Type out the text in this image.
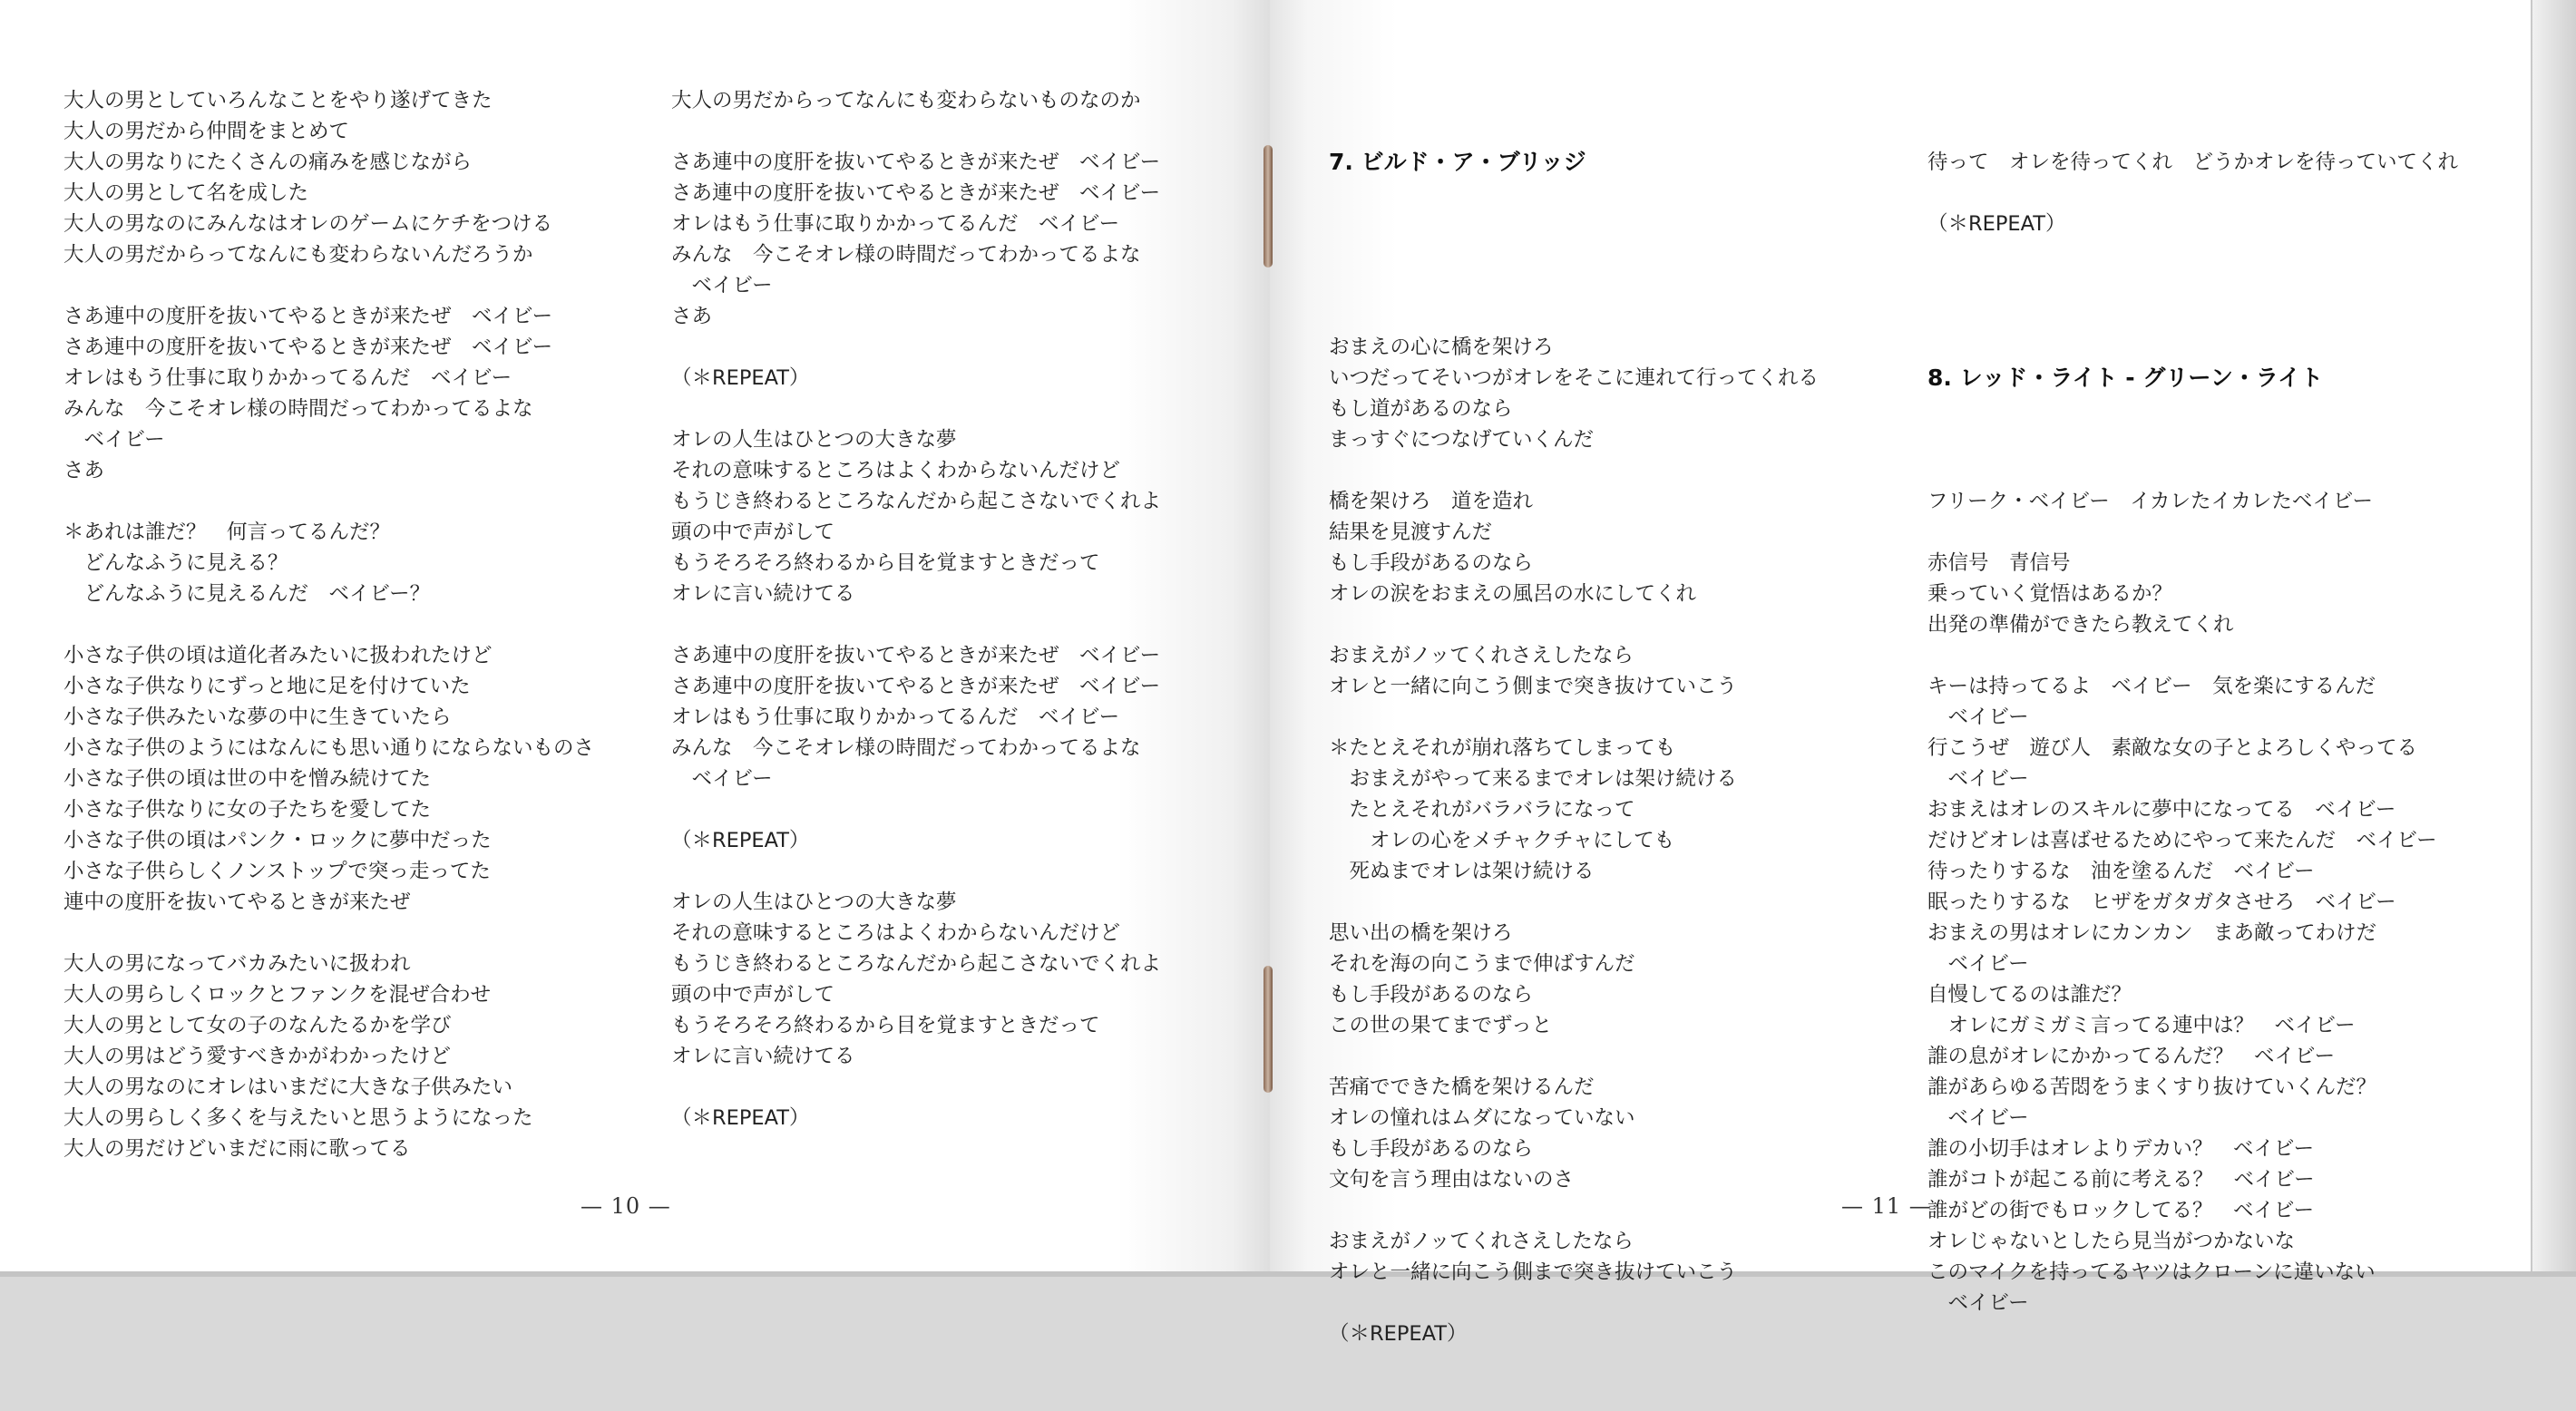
大人の男としていろんなことをやり遂げてきた
大人の男だから仲間をまとめて
大人の男なりにたくさんの痛みを感じながら
大人の男として名を成した
大人の男なのにみんなはオレのゲームにケチをつける
大人の男だからってなんにも変わらないんだろうか
さあ連中の度肝を抜いてやるときが来たぜ　ベイビー
さあ連中の度肝を抜いてやるときが来たぜ　ベイビー
オレはもう仕事に取りかかってるんだ　ベイビー
みんな　今こそオレ様の時間だってわかってるよな
　ベイビー
さあ
＊あれは誰だ？　何言ってるんだ？
　どんなふうに見える？
　どんなふうに見えるんだ　ベイビー？
小さな子供の頃は道化者みたいに扱われたけど
小さな子供なりにずっと地に足を付けていた
小さな子供みたいな夢の中に生きていたら
小さな子供のようにはなんにも思い通りにならないものさ
小さな子供の頃は世の中を憎み続けてた
小さな子供なりに女の子たちを愛してた
小さな子供の頃はパンク・ロックに夢中だった
小さな子供らしくノンストップで突っ走ってた
連中の度肝を抜いてやるときが来たぜ
大人の男になってバカみたいに扱われ
大人の男らしくロックとファンクを混ぜ合わせ
大人の男として女の子のなんたるかを学び
大人の男はどう愛すべきかがわかったけど
大人の男なのにオレはいまだに大きな子供みたい
大人の男らしく多くを与えたいと思うようになった
大人の男だけどいまだに雨に歌ってる
大人の男だからってなんにも変わらないものなのか
さあ連中の度肝を抜いてやるときが来たぜ　ベイビー
さあ連中の度肝を抜いてやるときが来たぜ　ベイビー
オレはもう仕事に取りかかってるんだ　ベイビー
みんな　今こそオレ様の時間だってわかってるよな
　ベイビー
さあ
（＊REPEAT）
オレの人生はひとつの大きな夢
それの意味するところはよくわからないんだけど
もうじき終わるところなんだから起こさないでくれよ
頭の中で声がして
もうそろそろ終わるから目を覚ますときだって
オレに言い続けてる
さあ連中の度肝を抜いてやるときが来たぜ　ベイビー
さあ連中の度肝を抜いてやるときが来たぜ　ベイビー
オレはもう仕事に取りかかってるんだ　ベイビー
みんな　今こそオレ様の時間だってわかってるよな
　ベイビー
（＊REPEAT）
オレの人生はひとつの大きな夢
それの意味するところはよくわからないんだけど
もうじき終わるところなんだから起こさないでくれよ
頭の中で声がして
もうそろそろ終わるから目を覚ますときだって
オレに言い続けてる
（＊REPEAT）

7. ビルド・ア・ブリッジ

おまえの心に橋を架けろ
いつだってそいつがオレをそこに連れて行ってくれる
もし道があるのなら
まっすぐにつなげていくんだ
橋を架けろ　道を造れ
結果を見渡すんだ
もし手段があるのなら
オレの涙をおまえの風呂の水にしてくれ
おまえがノッてくれさえしたなら
オレと一緒に向こう側まで突き抜けていこう
＊たとえそれが崩れ落ちてしまっても
　おまえがやって来るまでオレは架け続ける
　たとえそれがバラバラになって
　　オレの心をメチャクチャにしても
　死ぬまでオレは架け続ける
思い出の橋を架けろ
それを海の向こうまで伸ばすんだ
もし手段があるのなら
この世の果てまでずっと
苦痛でできた橋を架けるんだ
オレの憧れはムダになっていない
もし手段があるのなら
文句を言う理由はないのさ
おまえがノッてくれさえしたなら
オレと一緒に向こう側まで突き抜けていこう
（＊REPEAT）

待って　オレを待ってくれ　どうかオレを待っていてくれ
（＊REPEAT）

8. レッド・ライト - グリーン・ライト

フリーク・ベイビー　イカレたイカレたベイビー
赤信号　青信号
乗っていく覚悟はあるか？
出発の準備ができたら教えてくれ
キーは持ってるよ　ベイビー　気を楽にするんだ
　ベイビー
行こうぜ　遊び人　素敵な女の子とよろしくやってる
　ベイビー
おまえはオレのスキルに夢中になってる　ベイビー
だけどオレは喜ばせるためにやって来たんだ　ベイビー
待ったりするな　油を塗るんだ　ベイビー
眠ったりするな　ヒザをガタガタさせろ　ベイビー
おまえの男はオレにカンカン　まあ敵ってわけだ
　ベイビー
自慢してるのは誰だ？
　オレにガミガミ言ってる連中は？　ベイビー
誰の息がオレにかかってるんだ？　ベイビー
誰があらゆる苦悶をうまくすり抜けていくんだ？
　ベイビー
誰の小切手はオレよりデカい？　ベイビー
誰がコトが起こる前に考える？　ベイビー
誰がどの街でもロックしてる？　ベイビー
オレじゃないとしたら見当がつかないな
このマイクを持ってるヤツはクローンに違いない
　ベイビー

— 10 —	— 11 —
